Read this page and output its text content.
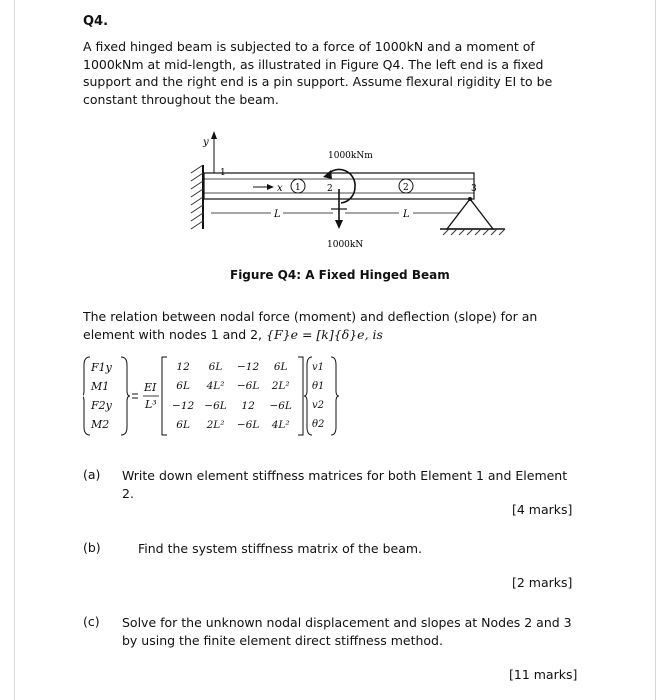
Q4.
A fixed hinged beam is subjected to a force of 1000kN and a moment of 1000kNm at mid-length, as illustrated in Figure Q4. The left end is a fixed support and the right end is a pin support. Assume flexural rigidity EI to be constant throughout the beam.
y
x
1
2	3
1	2
1000kNm
1000kN
L	L
Figure Q4: A Fixed Hinged Beam
The relation between nodal force (moment) and deflection (slope) for an element with nodes 1 and 2, {F}e = [k]{δ}e, is
F1y
M1
F2y
M2
EI
L³
12	6L	−12	6L
6L	4L²	−6L	2L²
−12	−6L	12	−6L
6L	2L²	−6L	4L²
v1
θ1
v2
θ2
(a) Write down element stiffness matrices for both Element 1 and Element 2.
[4 marks]
(b)	Find the system stiffness matrix of the beam.
[2 marks]
(c) Solve for the unknown nodal displacement and slopes at Nodes 2 and 3 by using the finite element direct stiffness method.
[11 marks]
